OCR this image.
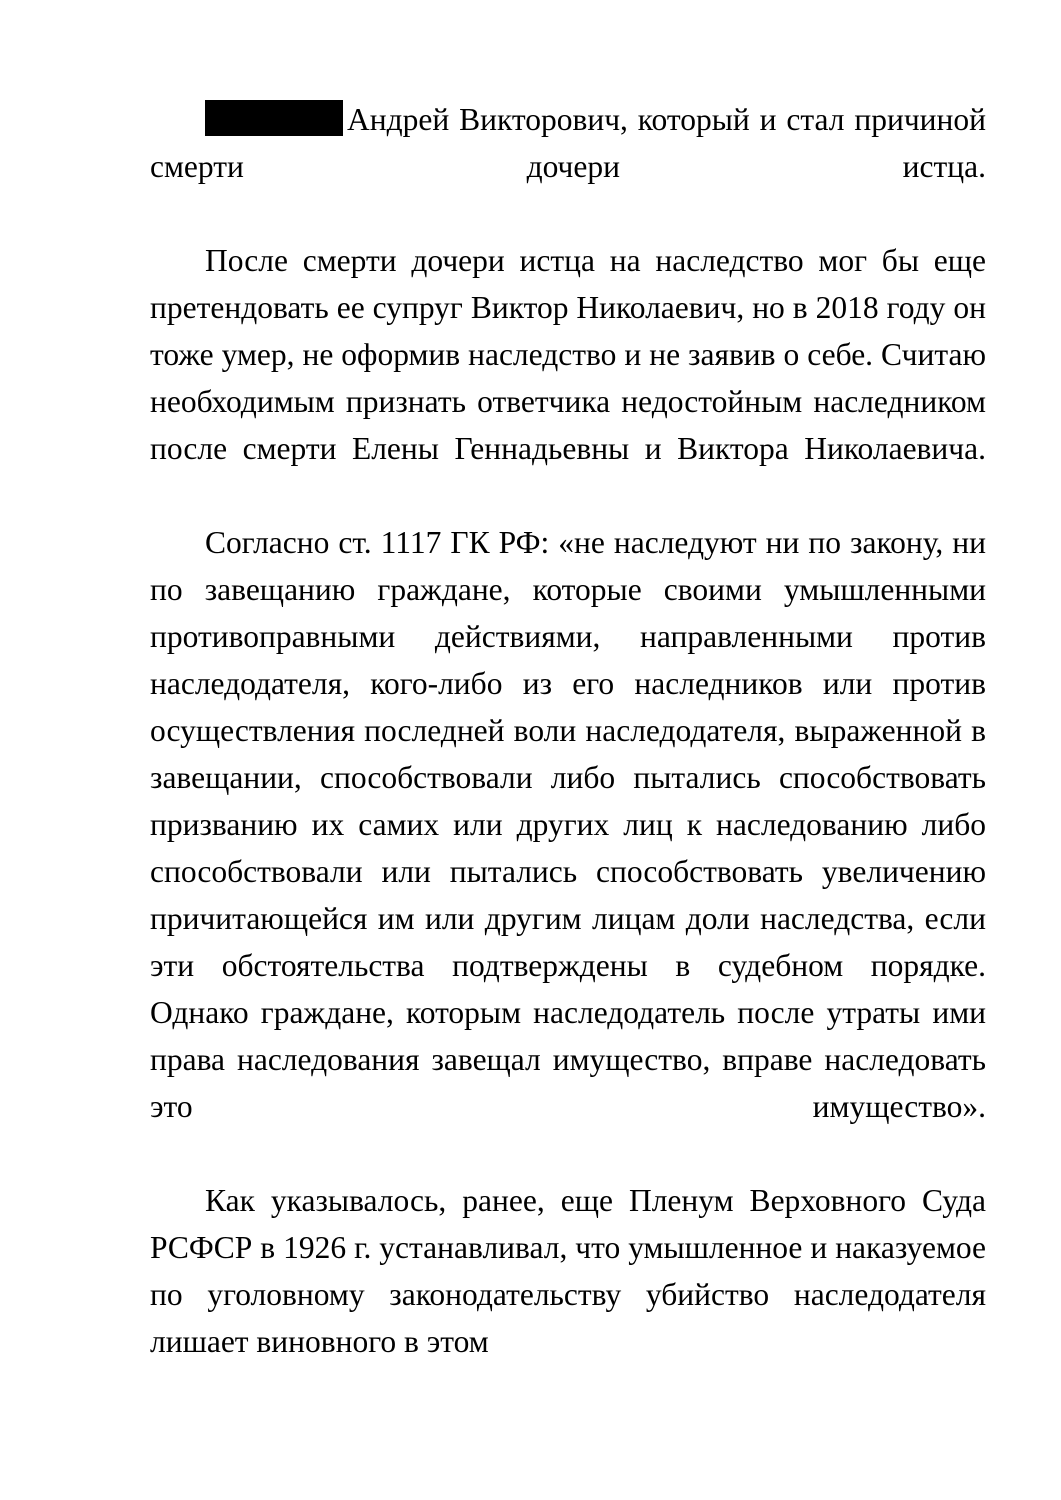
Андрей Викторович, который и стал причиной смерти дочери истца.

После смерти дочери истца на наследство мог бы еще претендовать ее супруг Виктор Николаевич, но в 2018 году он тоже умер, не оформив наследство и не заявив о себе. Считаю необходимым признать ответчика недостойным наследником после смерти Елены Геннадьевны и Виктора Николаевича.

Согласно ст. 1117 ГК РФ: «не наследуют ни по закону, ни по завещанию граждане, которые своими умышленными противоправными действиями, направленными против наследодателя, кого-либо из его наследников или против осуществления последней воли наследодателя, выраженной в завещании, способствовали либо пытались способствовать призванию их самих или других лиц к наследованию либо способствовали или пытались способствовать увеличению причитающейся им или другим лицам доли наследства, если эти обстоятельства подтверждены в судебном порядке. Однако граждане, которым наследодатель после утраты ими права наследования завещал имущество, вправе наследовать это имущество».

Как указывалось, ранее, еще Пленум Верховного Суда РСФСР в 1926 г. устанавливал, что умышленное и наказуемое по уголовному законодательству убийство наследодателя лишает виновного в этом
